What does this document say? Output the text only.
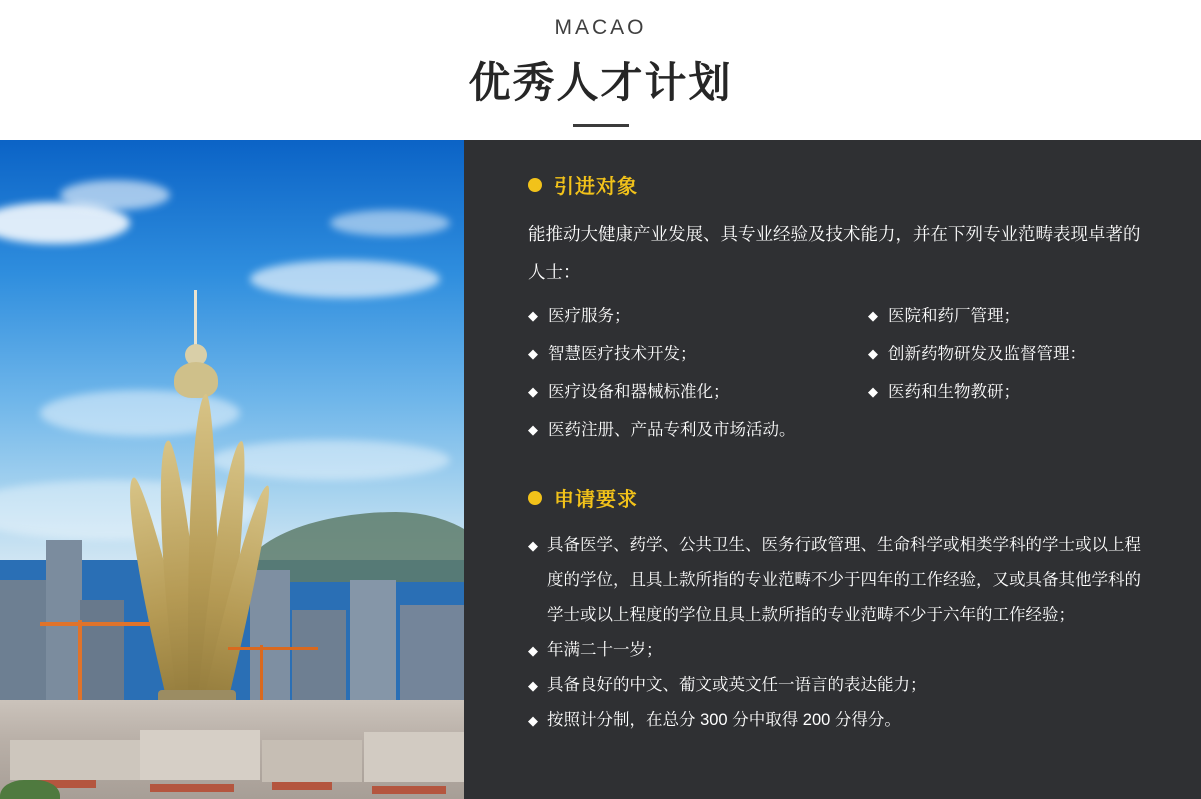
MACAO
优秀人才计划
引进对象
能推动大健康产业发展、具专业经验及技术能力，并在下列专业范畴表现卓著的人士：
◆ 医疗服务；	◆ 医院和药厂管理；
◆ 智慧医疗技术开发；	◆ 创新药物研发及监督管理：
◆ 医疗设备和器械标准化；	◆ 医药和生物教研；
◆ 医药注册、产品专利及市场活动。
申请要求
◆ 具备医学、药学、公共卫生、医务行政管理、生命科学或相类学科的学士或以上程度的学位，且具上款所指的专业范畴不少于四年的工作经验，又或具备其他学科的学士或以上程度的学位且具上款所指的专业范畴不少于六年的工作经验；
◆ 年满二十一岁；
◆ 具备良好的中文、葡文或英文任一语言的表达能力；
◆ 按照计分制，在总分 300 分中取得 200 分得分。
